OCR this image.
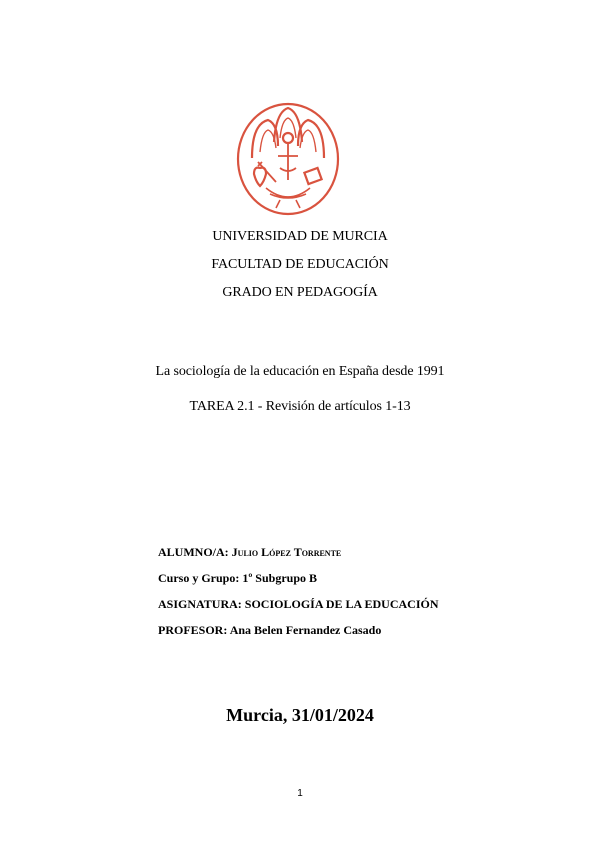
UNIVERSIDAD DE MURCIA
FACULTAD DE EDUCACIÓN
GRADO EN PEDAGOGÍA
La sociología de la educación en España desde 1991
TAREA 2.1 - Revisión de artículos 1-13
ALUMNO/A: Julio López Torrente
Curso y Grupo: 1º Subgrupo B
ASIGNATURA: SOCIOLOGÍA DE LA EDUCACIÓN
PROFESOR: Ana Belen Fernandez Casado
Murcia, 31/01/2024
1
